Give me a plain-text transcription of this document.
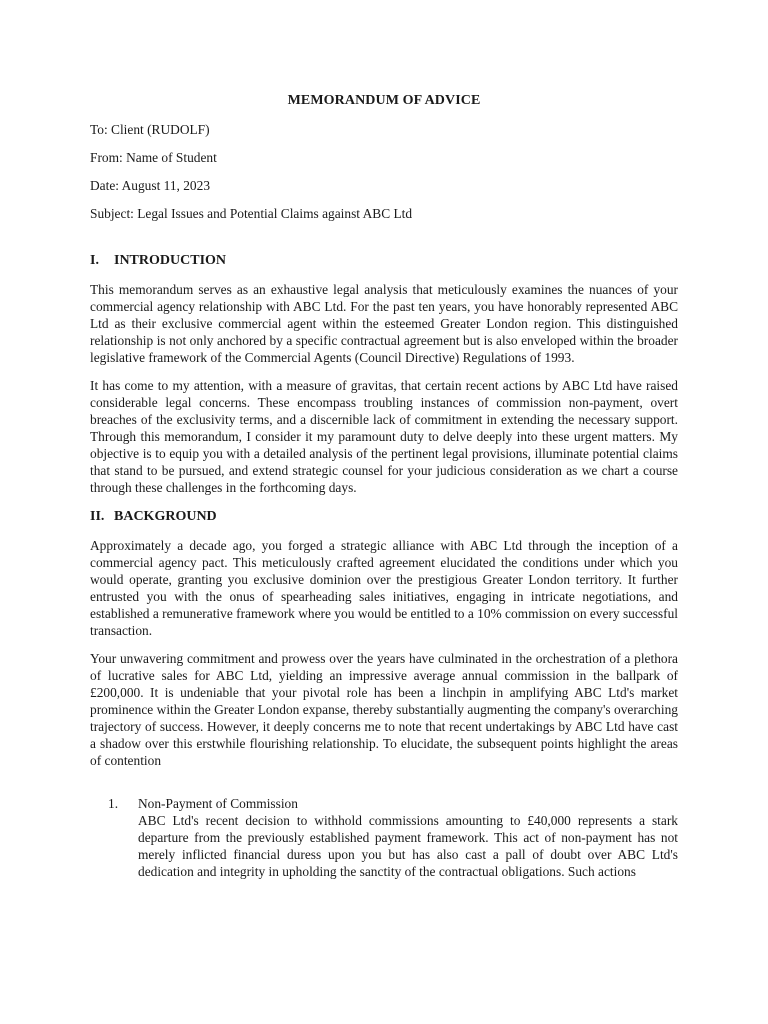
MEMORANDUM OF ADVICE
To: Client (RUDOLF)
From: Name of Student
Date: August 11, 2023
Subject: Legal Issues and Potential Claims against ABC Ltd
I.	INTRODUCTION

This memorandum serves as an exhaustive legal analysis that meticulously examines the nuances of your commercial agency relationship with ABC Ltd. For the past ten years, you have honorably represented ABC Ltd as their exclusive commercial agent within the esteemed Greater London region. This distinguished relationship is not only anchored by a specific contractual agreement but is also enveloped within the broader legislative framework of the Commercial Agents (Council Directive) Regulations of 1993.

It has come to my attention, with a measure of gravitas, that certain recent actions by ABC Ltd have raised considerable legal concerns. These encompass troubling instances of commission non-payment, overt breaches of the exclusivity terms, and a discernible lack of commitment in extending the necessary support. Through this memorandum, I consider it my paramount duty to delve deeply into these urgent matters. My objective is to equip you with a detailed analysis of the pertinent legal provisions, illuminate potential claims that stand to be pursued, and extend strategic counsel for your judicious consideration as we chart a course through these challenges in the forthcoming days.

II. BACKGROUND

Approximately a decade ago, you forged a strategic alliance with ABC Ltd through the inception of a commercial agency pact. This meticulously crafted agreement elucidated the conditions under which you would operate, granting you exclusive dominion over the prestigious Greater London territory. It further entrusted you with the onus of spearheading sales initiatives, engaging in intricate negotiations, and established a remunerative framework where you would be entitled to a 10% commission on every successful transaction.

Your unwavering commitment and prowess over the years have culminated in the orchestration of a plethora of lucrative sales for ABC Ltd, yielding an impressive average annual commission in the ballpark of £200,000. It is undeniable that your pivotal role has been a linchpin in amplifying ABC Ltd's market prominence within the Greater London expanse, thereby substantially augmenting the company's overarching trajectory of success. However, it deeply concerns me to note that recent undertakings by ABC Ltd have cast a shadow over this erstwhile flourishing relationship. To elucidate, the subsequent points highlight the areas of contention

1.	Non-Payment of Commission

ABC Ltd's recent decision to withhold commissions amounting to £40,000 represents a stark departure from the previously established payment framework. This act of non-payment has not merely inflicted financial duress upon you but has also cast a pall of doubt over ABC Ltd's dedication and integrity in upholding the sanctity of the contractual obligations. Such actions
